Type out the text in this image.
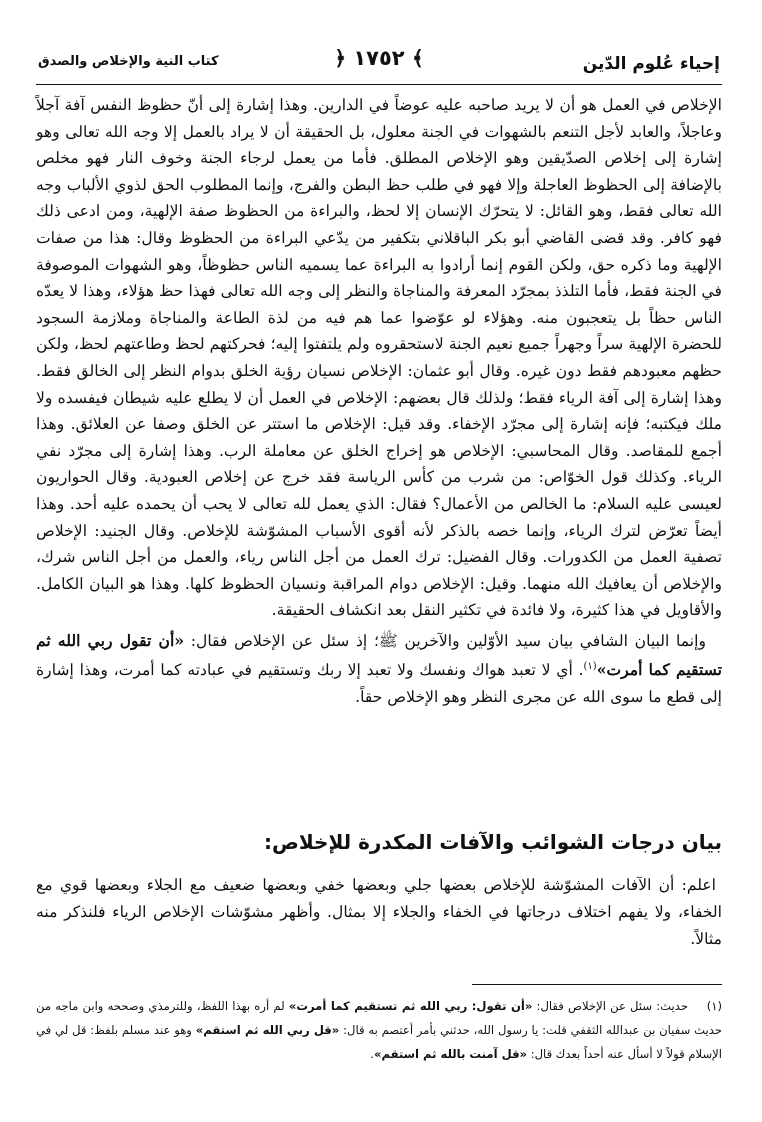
إحياء عُلوم الدّين
﴾ ١٧٥٢ ﴿
كتاب النية والإخلاص والصدق

الإخلاص في العمل هو أن لا يريد صاحبه عليه عوضاً في الدارين. وهذا إشارة إلى أنّ حظوظ النفس آفة آجلاً وعاجلاً، والعابد لأجل التنعم بالشهوات في الجنة معلول، بل الحقيقة أن لا يراد بالعمل إلا وجه الله تعالى وهو إشارة إلى إخلاص الصدّيقين وهو الإخلاص المطلق. فأما من يعمل لرجاء الجنة وخوف النار فهو مخلص بالإضافة إلى الحظوظ العاجلة وإلا فهو في طلب حظ البطن والفرج، وإنما المطلوب الحق لذوي الألباب وجه الله تعالى فقط، وهو القائل: لا يتحرّك الإنسان إلا لحظ، والبراءة من الحظوظ صفة الإلهية، ومن ادعى ذلك فهو كافر. وقد قضى القاضي أبو بكر الباقلاني بتكفير من يدّعي البراءة من الحظوظ وقال: هذا من صفات الإلهية وما ذكره حق، ولكن القوم إنما أرادوا به البراءة عما يسميه الناس حظوظاً، وهو الشهوات الموصوفة في الجنة فقط، فأما التلذذ بمجرّد المعرفة والمناجاة والنظر إلى وجه الله تعالى فهذا حظ هؤلاء، وهذا لا يعدّه الناس حظاً بل يتعجبون منه. وهؤلاء لو عوّضوا عما هم فيه من لذة الطاعة والمناجاة وملازمة السجود للحضرة الإلهية سراً وجهراً جميع نعيم الجنة لاستحقروه ولم يلتفتوا إليه؛ فحركتهم لحظ وطاعتهم لحظ، ولكن حظهم معبودهم فقط دون غيره. وقال أبو عثمان: الإخلاص نسيان رؤية الخلق بدوام النظر إلى الخالق فقط. وهذا إشارة إلى آفة الرياء فقط؛ ولذلك قال بعضهم: الإخلاص في العمل أن لا يطلع عليه شيطان فيفسده ولا ملك فيكتبه؛ فإنه إشارة إلى مجرّد الإخفاء. وقد قيل: الإخلاص ما استتر عن الخلق وصفا عن العلائق. وهذا أجمع للمقاصد. وقال المحاسبي: الإخلاص هو إخراج الخلق عن معاملة الرب. وهذا إشارة إلى مجرّد نفي الرياء. وكذلك قول الخوّاص: من شرب من كأس الرياسة فقد خرج عن إخلاص العبودية. وقال الحواريون لعيسى عليه السلام: ما الخالص من الأعمال؟ فقال: الذي يعمل لله تعالى لا يحب أن يحمده عليه أحد. وهذا أيضاً تعرّض لترك الرياء، وإنما خصه بالذكر لأنه أقوى الأسباب المشوّشة للإخلاص. وقال الجنيد: الإخلاص تصفية العمل من الكدورات. وقال الفضيل: ترك العمل من أجل الناس رياء، والعمل من أجل الناس شرك، والإخلاص أن يعافيك الله منهما. وقيل: الإخلاص دوام المراقبة ونسيان الحظوظ كلها. وهذا هو البيان الكامل. والأقاويل في هذا كثيرة، ولا فائدة في تكثير النقل بعد انكشاف الحقيقة.

وإنما البيان الشافي بيان سيد الأوّلين والآخرين ﷺ؛ إذ سئل عن الإخلاص فقال: «أن تقول ربي الله ثم تستقيم كما أمرت»$^{(١)}$. أي لا تعبد هواك ونفسك ولا تعبد إلا ربك وتستقيم في عبادته كما أمرت، وهذا إشارة إلى قطع ما سوى الله عن مجرى النظر وهو الإخلاص حقاً.

بيان درجات الشوائب والآفات المكدرة للإخلاص:

اعلم: أن الآفات المشوّشة للإخلاص بعضها جلي وبعضها خفي وبعضها ضعيف مع الجلاء وبعضها قوي مع الخفاء، ولا يفهم اختلاف درجاتها في الخفاء والجلاء إلا بمثال. وأظهر مشوّشات الإخلاص الرياء فلنذكر منه مثالاً.

(١)حديث: سئل عن الإخلاص فقال: «أن تقول: ربي الله ثم تستقيم كما أمرت» لم أره بهذا اللفظ، وللترمذي وصححه وابن ماجه من حديث سفيان بن عبدالله الثقفي قلت: يا رسول الله، حدثني بأمر أعتصم به قال: «قل ربي الله ثم استقم» وهو عند مسلم بلفظ: قل لي في الإسلام قولاً لا أسأل عنه أحداً بعدك قال: «قل آمنت بالله ثم استقم».
